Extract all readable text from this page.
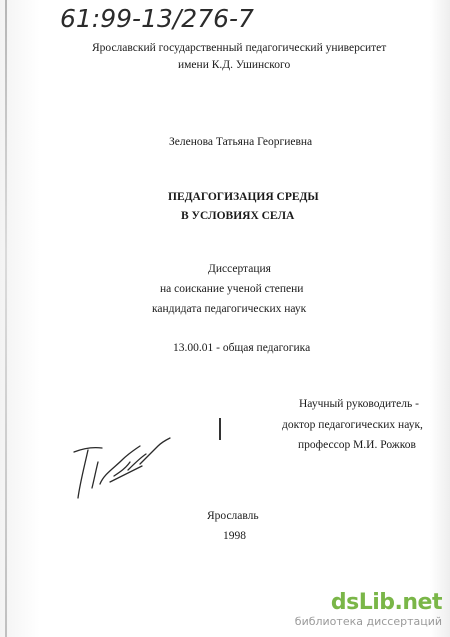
61:99-13/276-7
Ярославский государственный педагогический университет
имени К.Д. Ушинского
Зеленова Татьяна Георгиевна
ПЕДАГОГИЗАЦИЯ СРЕДЫ
В УСЛОВИЯХ СЕЛА
Диссертация
на соискание ученой степени
кандидата педагогических наук
13.00.01 - общая педагогика
Научный руководитель -
доктор педагогических наук,
профессор М.И. Рожков
Ярославль
1998
dsLib.net
библиотека диссертаций
